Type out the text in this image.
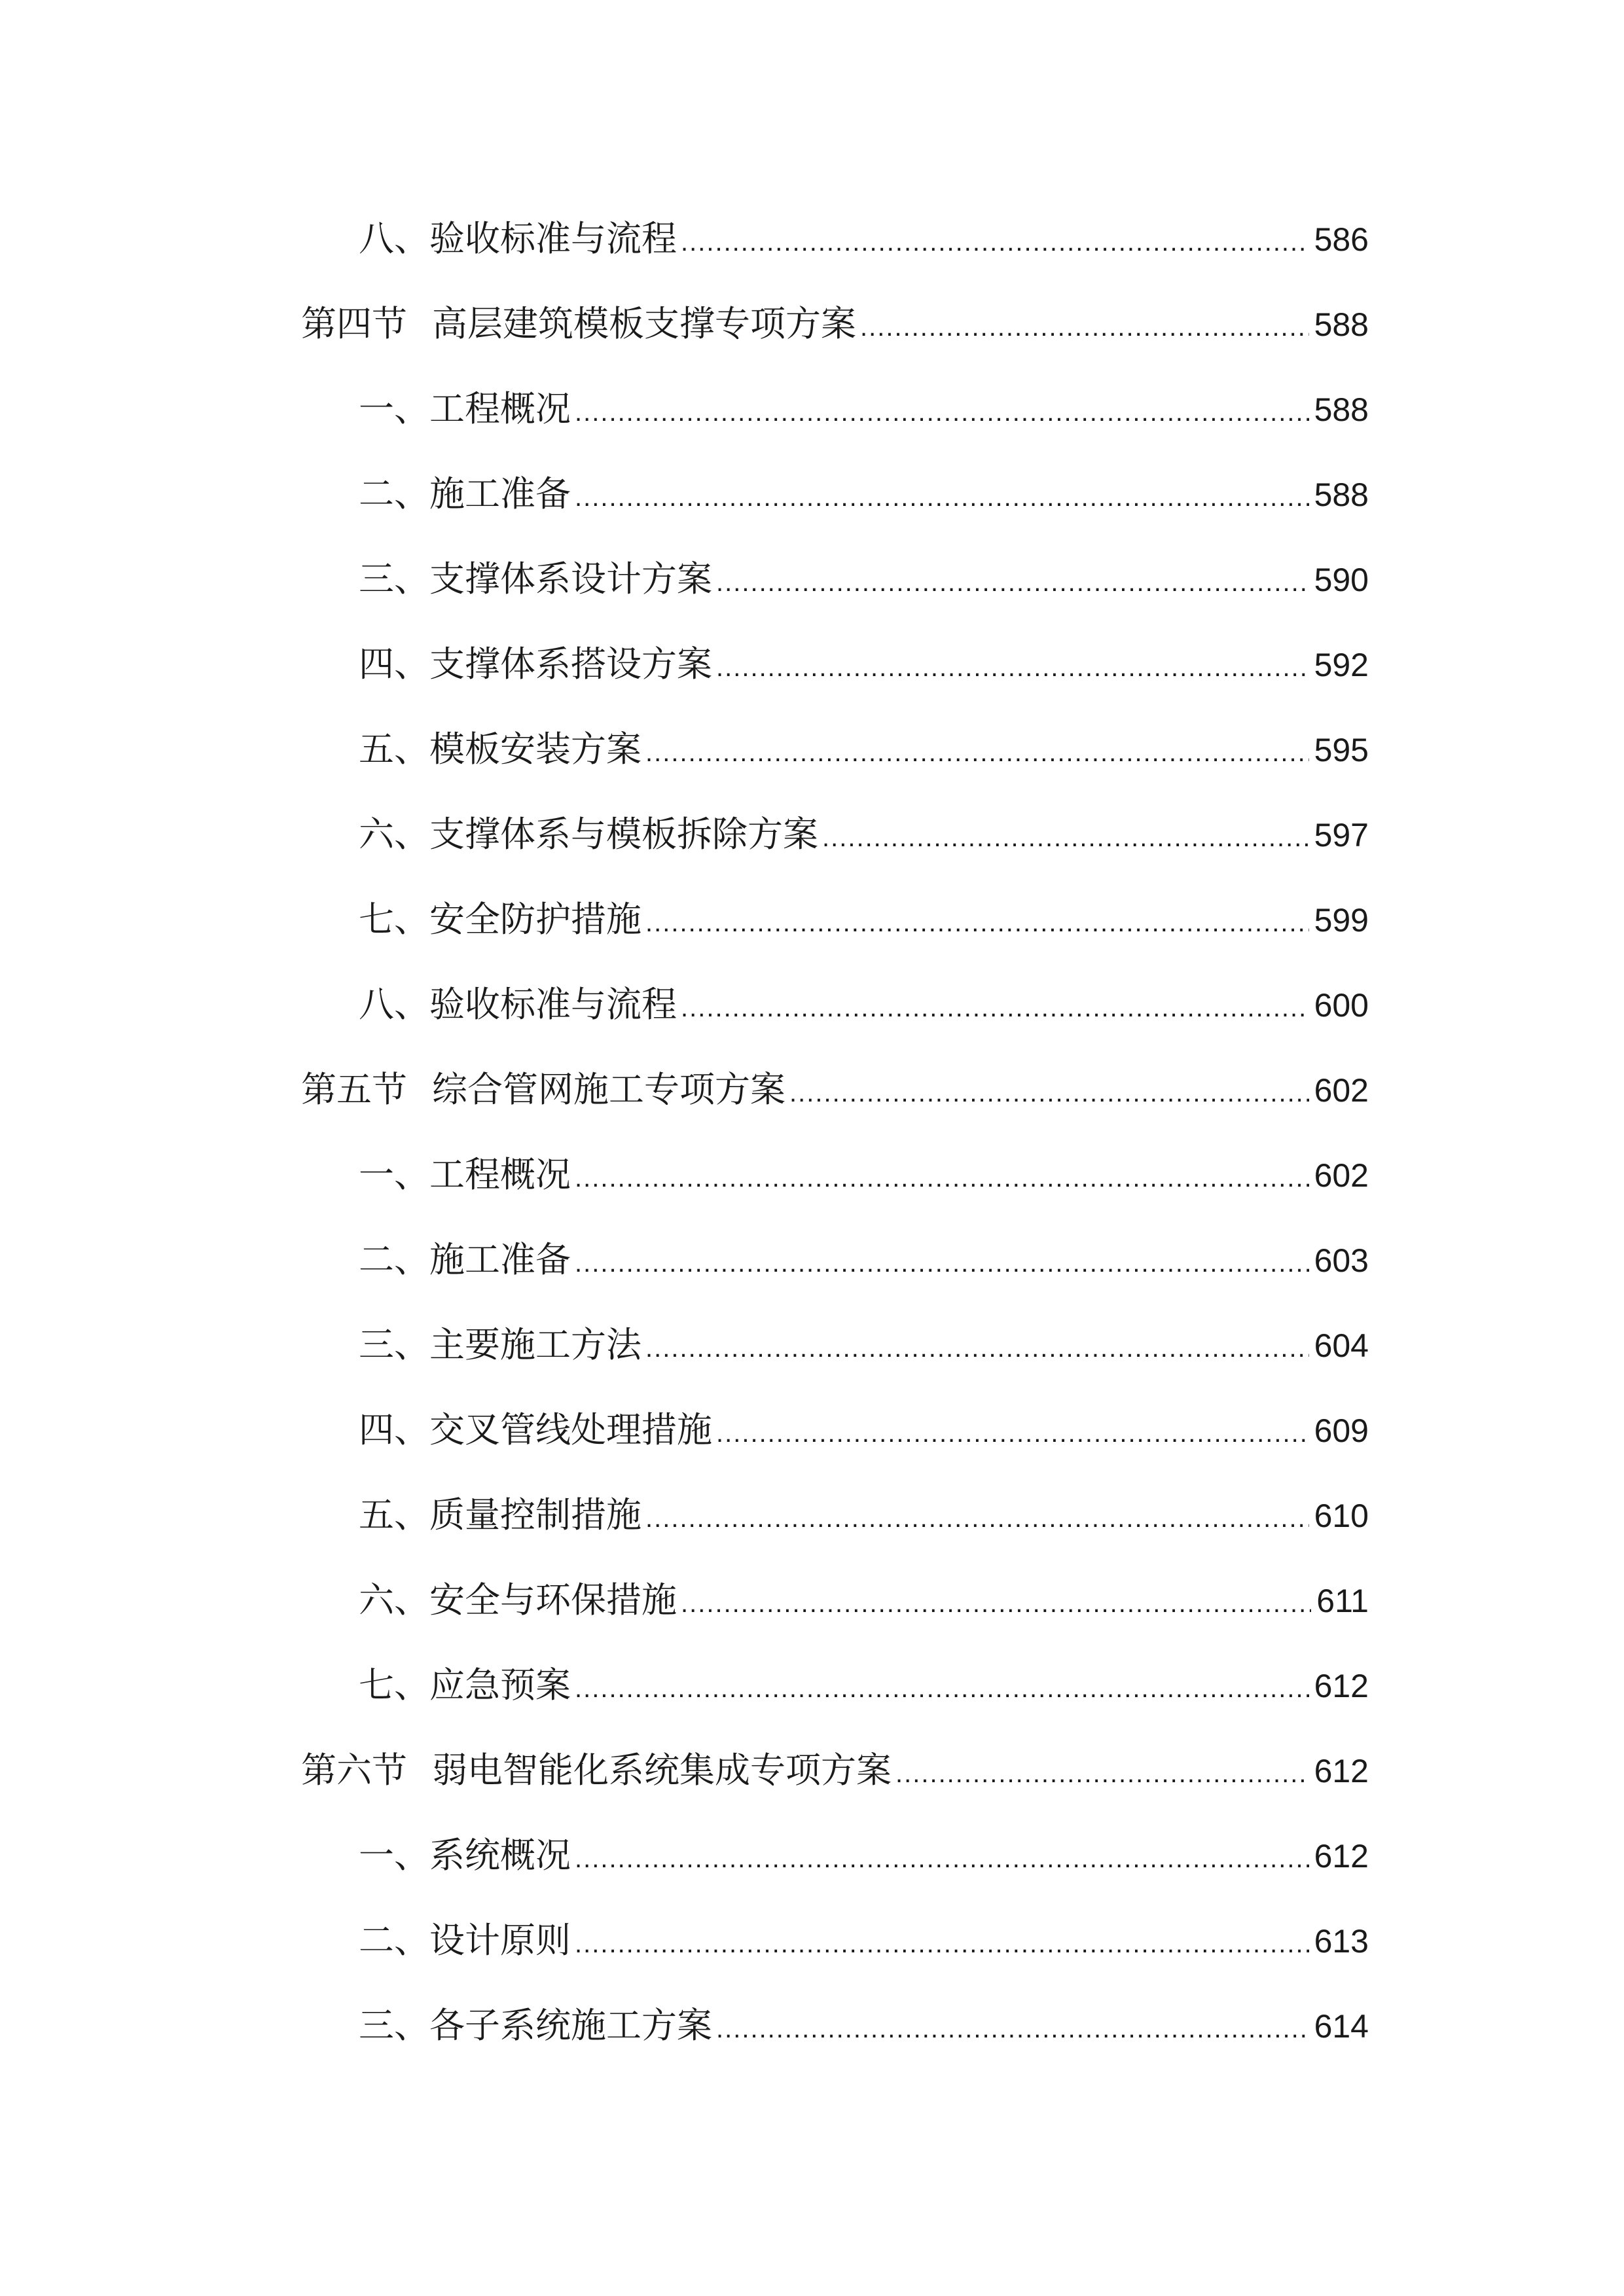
八、 验收标准与流程 .....	586
第四节 高层建筑模板支撑专项方案 .....	588
一、 工程概况 .....	588
二、 施工准备 .....	588
三、 支撑体系设计方案 .....	590
四、 支撑体系搭设方案 .....	592
五、 模板安装方案 .....	595
六、 支撑体系与模板拆除方案 .....	597
七、 安全防护措施 .....	599
八、 验收标准与流程 .....	600
第五节 综合管网施工专项方案 .....	602
一、 工程概况 .....	602
二、 施工准备 .....	603
三、 主要施工方法 .....	604
四、 交叉管线处理措施 .....	609
五、 质量控制措施 .....	610
六、 安全与环保措施 .....	611
七、 应急预案 .....	612
第六节 弱电智能化系统集成专项方案 .....	612
一、 系统概况 .....	612
二、 设计原则 .....	613
三、 各子系统施工方案 .....	614
